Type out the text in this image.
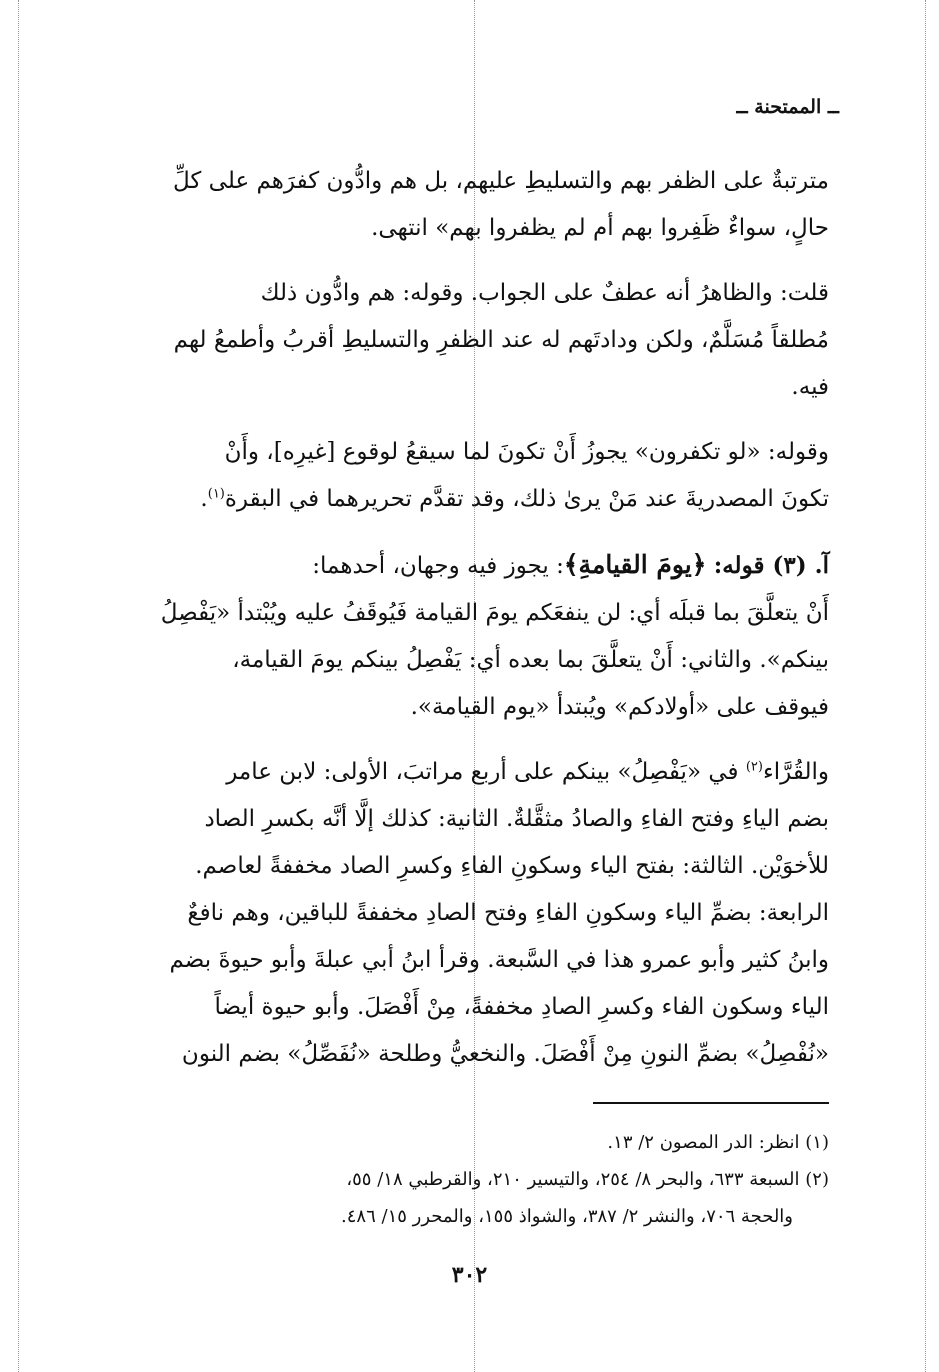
ــ الممتحنة ــ

مترتبةٌ على الظفر بهم والتسليطِ عليهم، بل هم وادُّون كفرَهم على كلِّ
حالٍ، سواءٌ ظَفِروا بهم أم لم يظفروا بهم» انتهى.

قلت: والظاهرُ أنه عطفٌ على الجواب. وقوله: هم وادُّون ذلك
مُطلقاً مُسَلَّمٌ، ولكن ودادتَهم له عند الظفرِ والتسليطِ أقربُ وأطمعُ لهم
فيه.

وقوله: «لو تكفرون» يجوزُ أَنْ تكونَ لما سيقعُ لوقوع [غيرِه]، وأَنْ
تكونَ المصدريةَ عند مَنْ يرىٰ ذلك، وقد تقدَّم تحريرهما في البقرة$^{(١)}$.

آ. (٣) قوله: ﴿يومَ القيامةِ﴾: يجوز فيه وجهان، أحدهما:
أَنْ يتعلَّقَ بما قبلَه أي: لن ينفعَكم يومَ القيامة فَيُوقَفُ عليه ويُبْتدأ «يَفْصِلُ
بينكم». والثاني: أَنْ يتعلَّقَ بما بعده أي: يَفْصِلُ بينكم يومَ القيامة،
فيوقف على «أولادكم» ويُبتدأ «يوم القيامة».

والقُرَّاء$^{(٢)}$ في «يَفْصِلُ» بينكم على أربع مراتبَ، الأولى: لابن عامر
بضم الياءِ وفتح الفاءِ والصادُ مثقَّلةٌ. الثانية: كذلك إلَّا أنَّه بكسرِ الصاد
للأخوَيْن. الثالثة: بفتح الياء وسكونِ الفاءِ وكسرِ الصاد مخففةً لعاصم.
الرابعة: بضمِّ الياء وسكونِ الفاءِ وفتح الصادِ مخففةً للباقين، وهم نافعٌ
وابنُ كثير وأبو عمرو هذا في السَّبعة. وقرأ ابنُ أبي عبلةَ وأبو حيوةَ بضم
الياء وسكون الفاء وكسرِ الصادِ مخففةً، مِنْ أَفْصَلَ. وأبو حيوة أيضاً
«نُفْصِلُ» بضمِّ النونِ مِنْ أَفْصَلَ. والنخعيُّ وطلحة «نُفَصِّلُ» بضم النون

(١) انظر: الدر المصون ٢/ ١٣.
(٢) السبعة ٦٣٣، والبحر ٨/ ٢٥٤، والتيسير ٢١٠، والقرطبي ١٨/ ٥٥،
والحجة ٧٠٦، والنشر ٢/ ٣٨٧، والشواذ ١٥٥، والمحرر ١٥/ ٤٨٦.
٣٠٢
